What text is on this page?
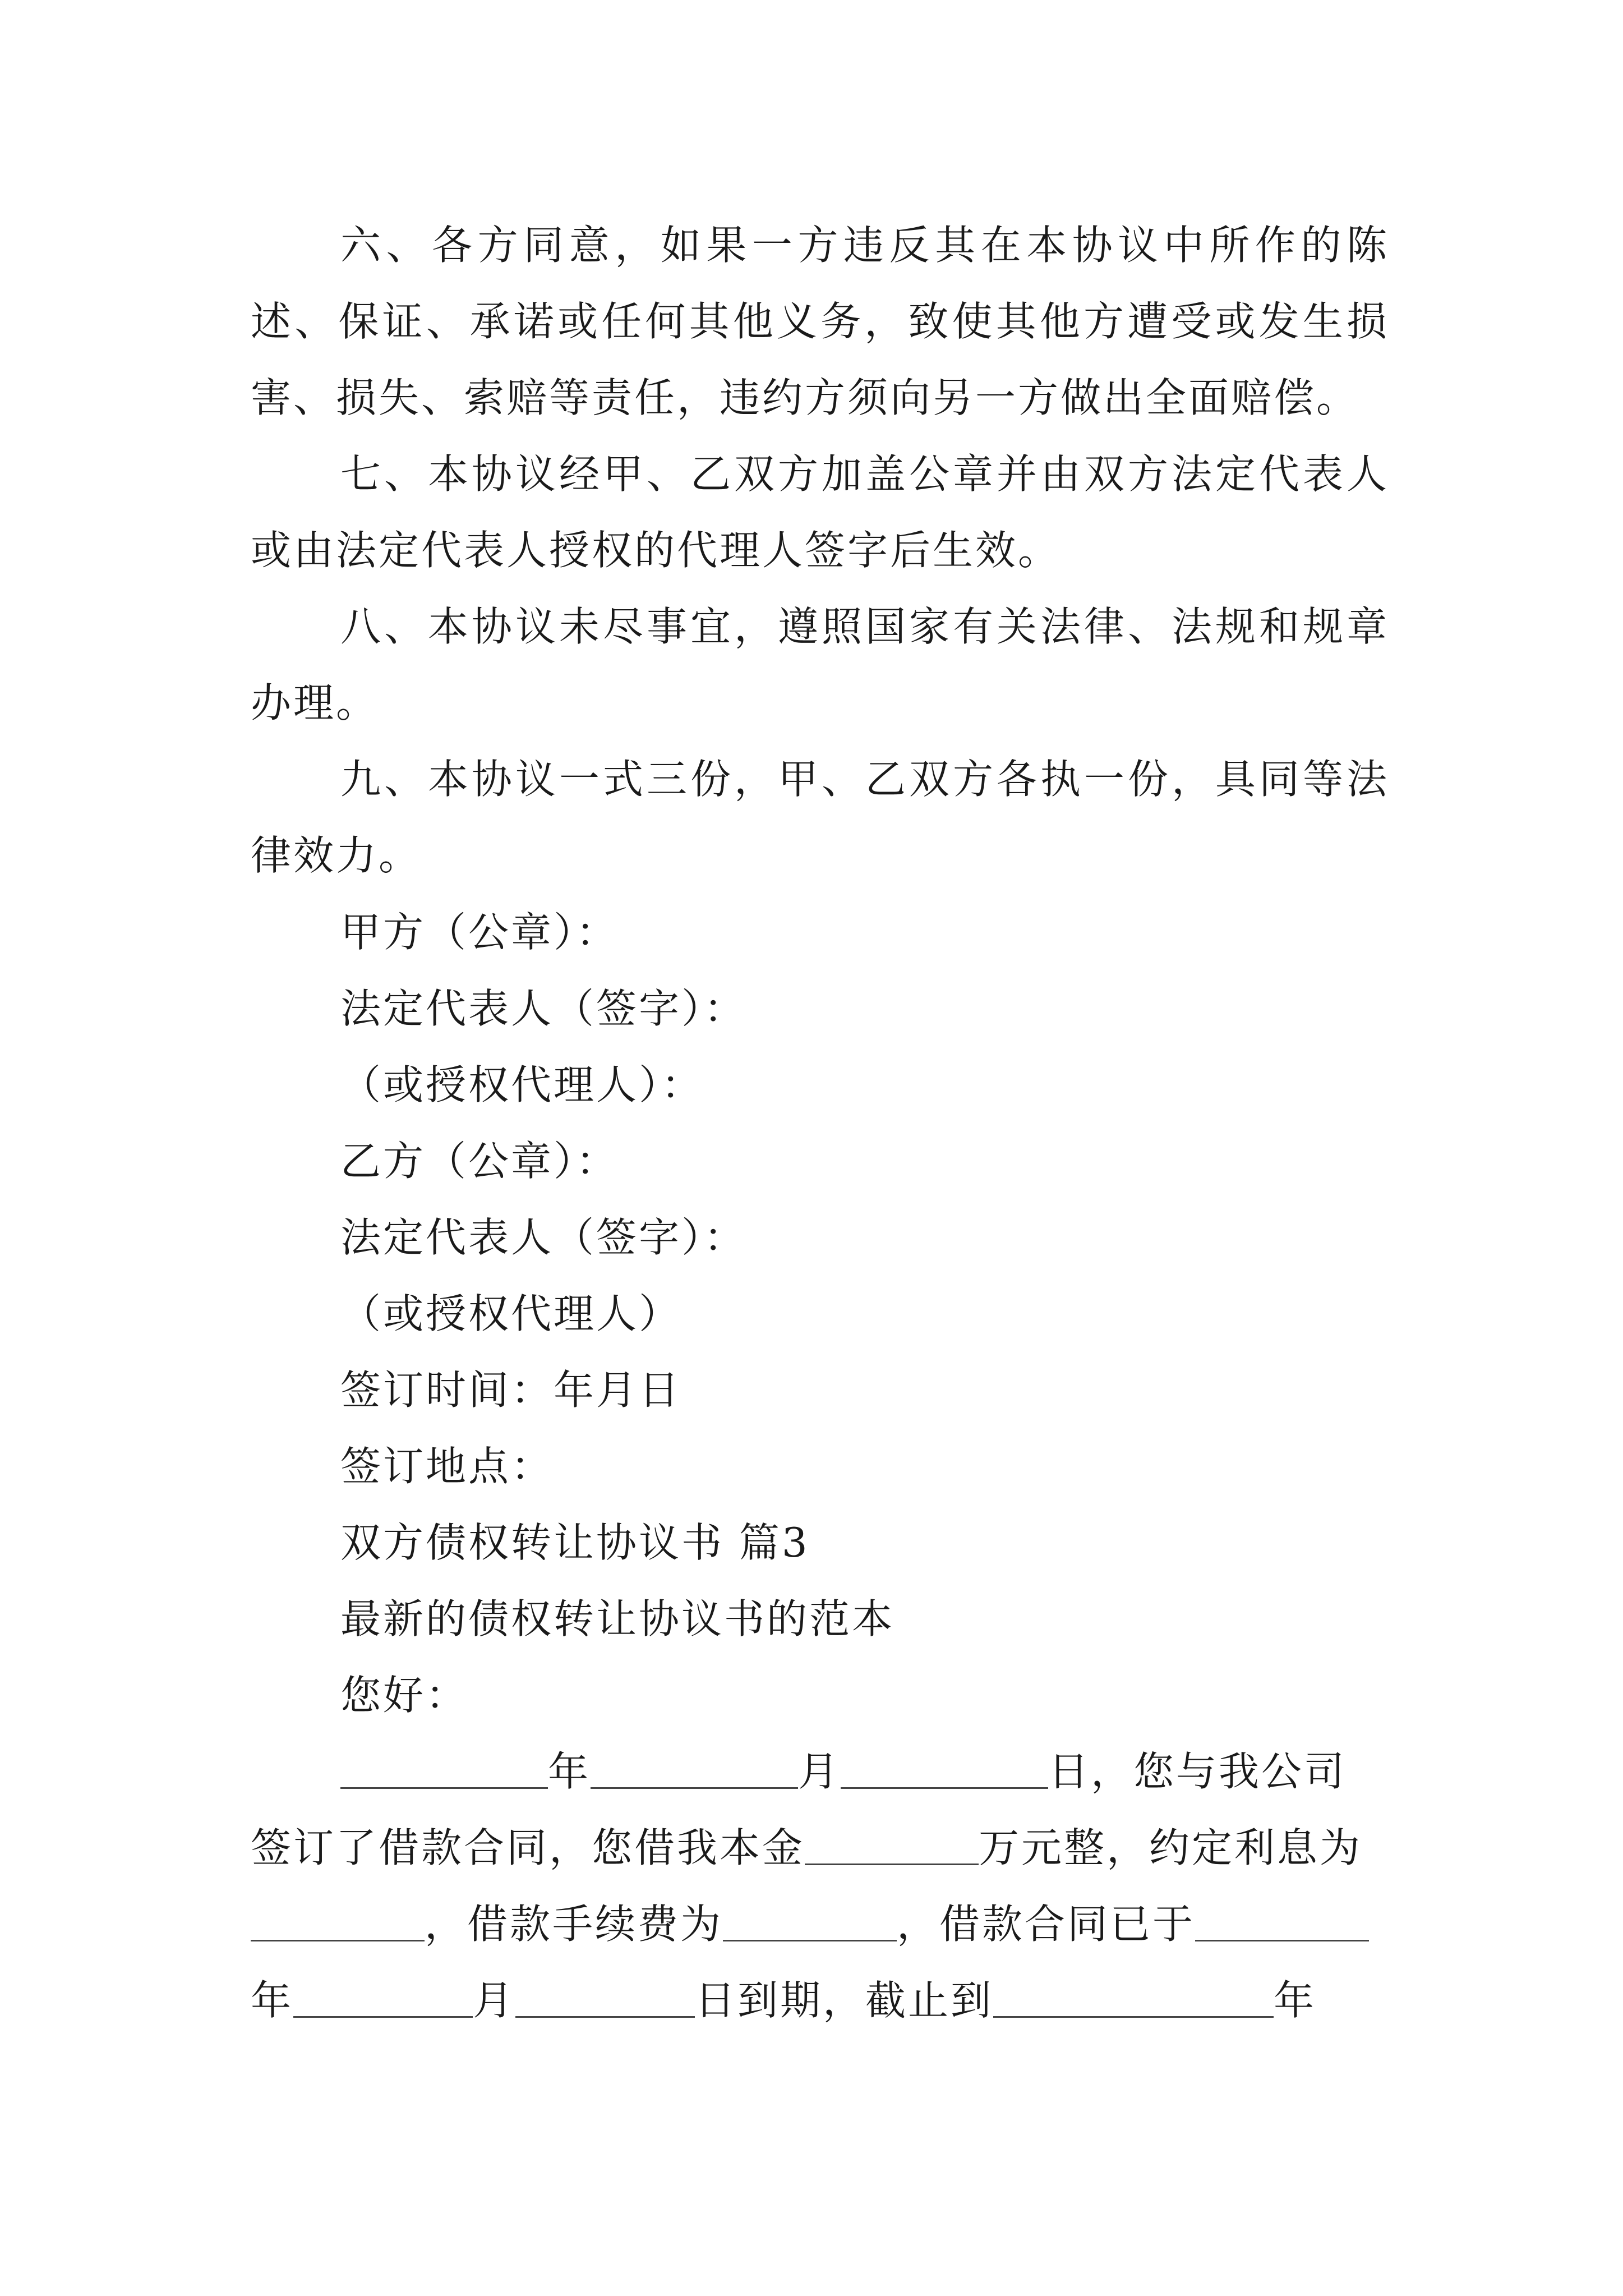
六、各方同意，如果一方违反其在本协议中所作的陈述、保证、承诺或任何其他义务，致使其他方遭受或发生损害、损失、索赔等责任，违约方须向另一方做出全面赔偿。

七、本协议经甲、乙双方加盖公章并由双方法定代表人或由法定代表人授权的代理人签字后生效。

八、本协议未尽事宜，遵照国家有关法律、法规和规章办理。

九、本协议一式三份，甲、乙双方各执一份，具同等法律效力。

甲方（公章）：

法定代表人（签字）：

（或授权代理人）：

乙方（公章）：

法定代表人（签字）：

（或授权代理人）

签订时间：年月日

签订地点：

双方债权转让协议书 篇3

最新的债权转让协议书的范本

您好：

年	月	日，您与我公司

签订了借款合同，您借我本金	万元整，约定利息为

，借款手续费为	，借款合同已于

年	月	日到期，截止到	年
